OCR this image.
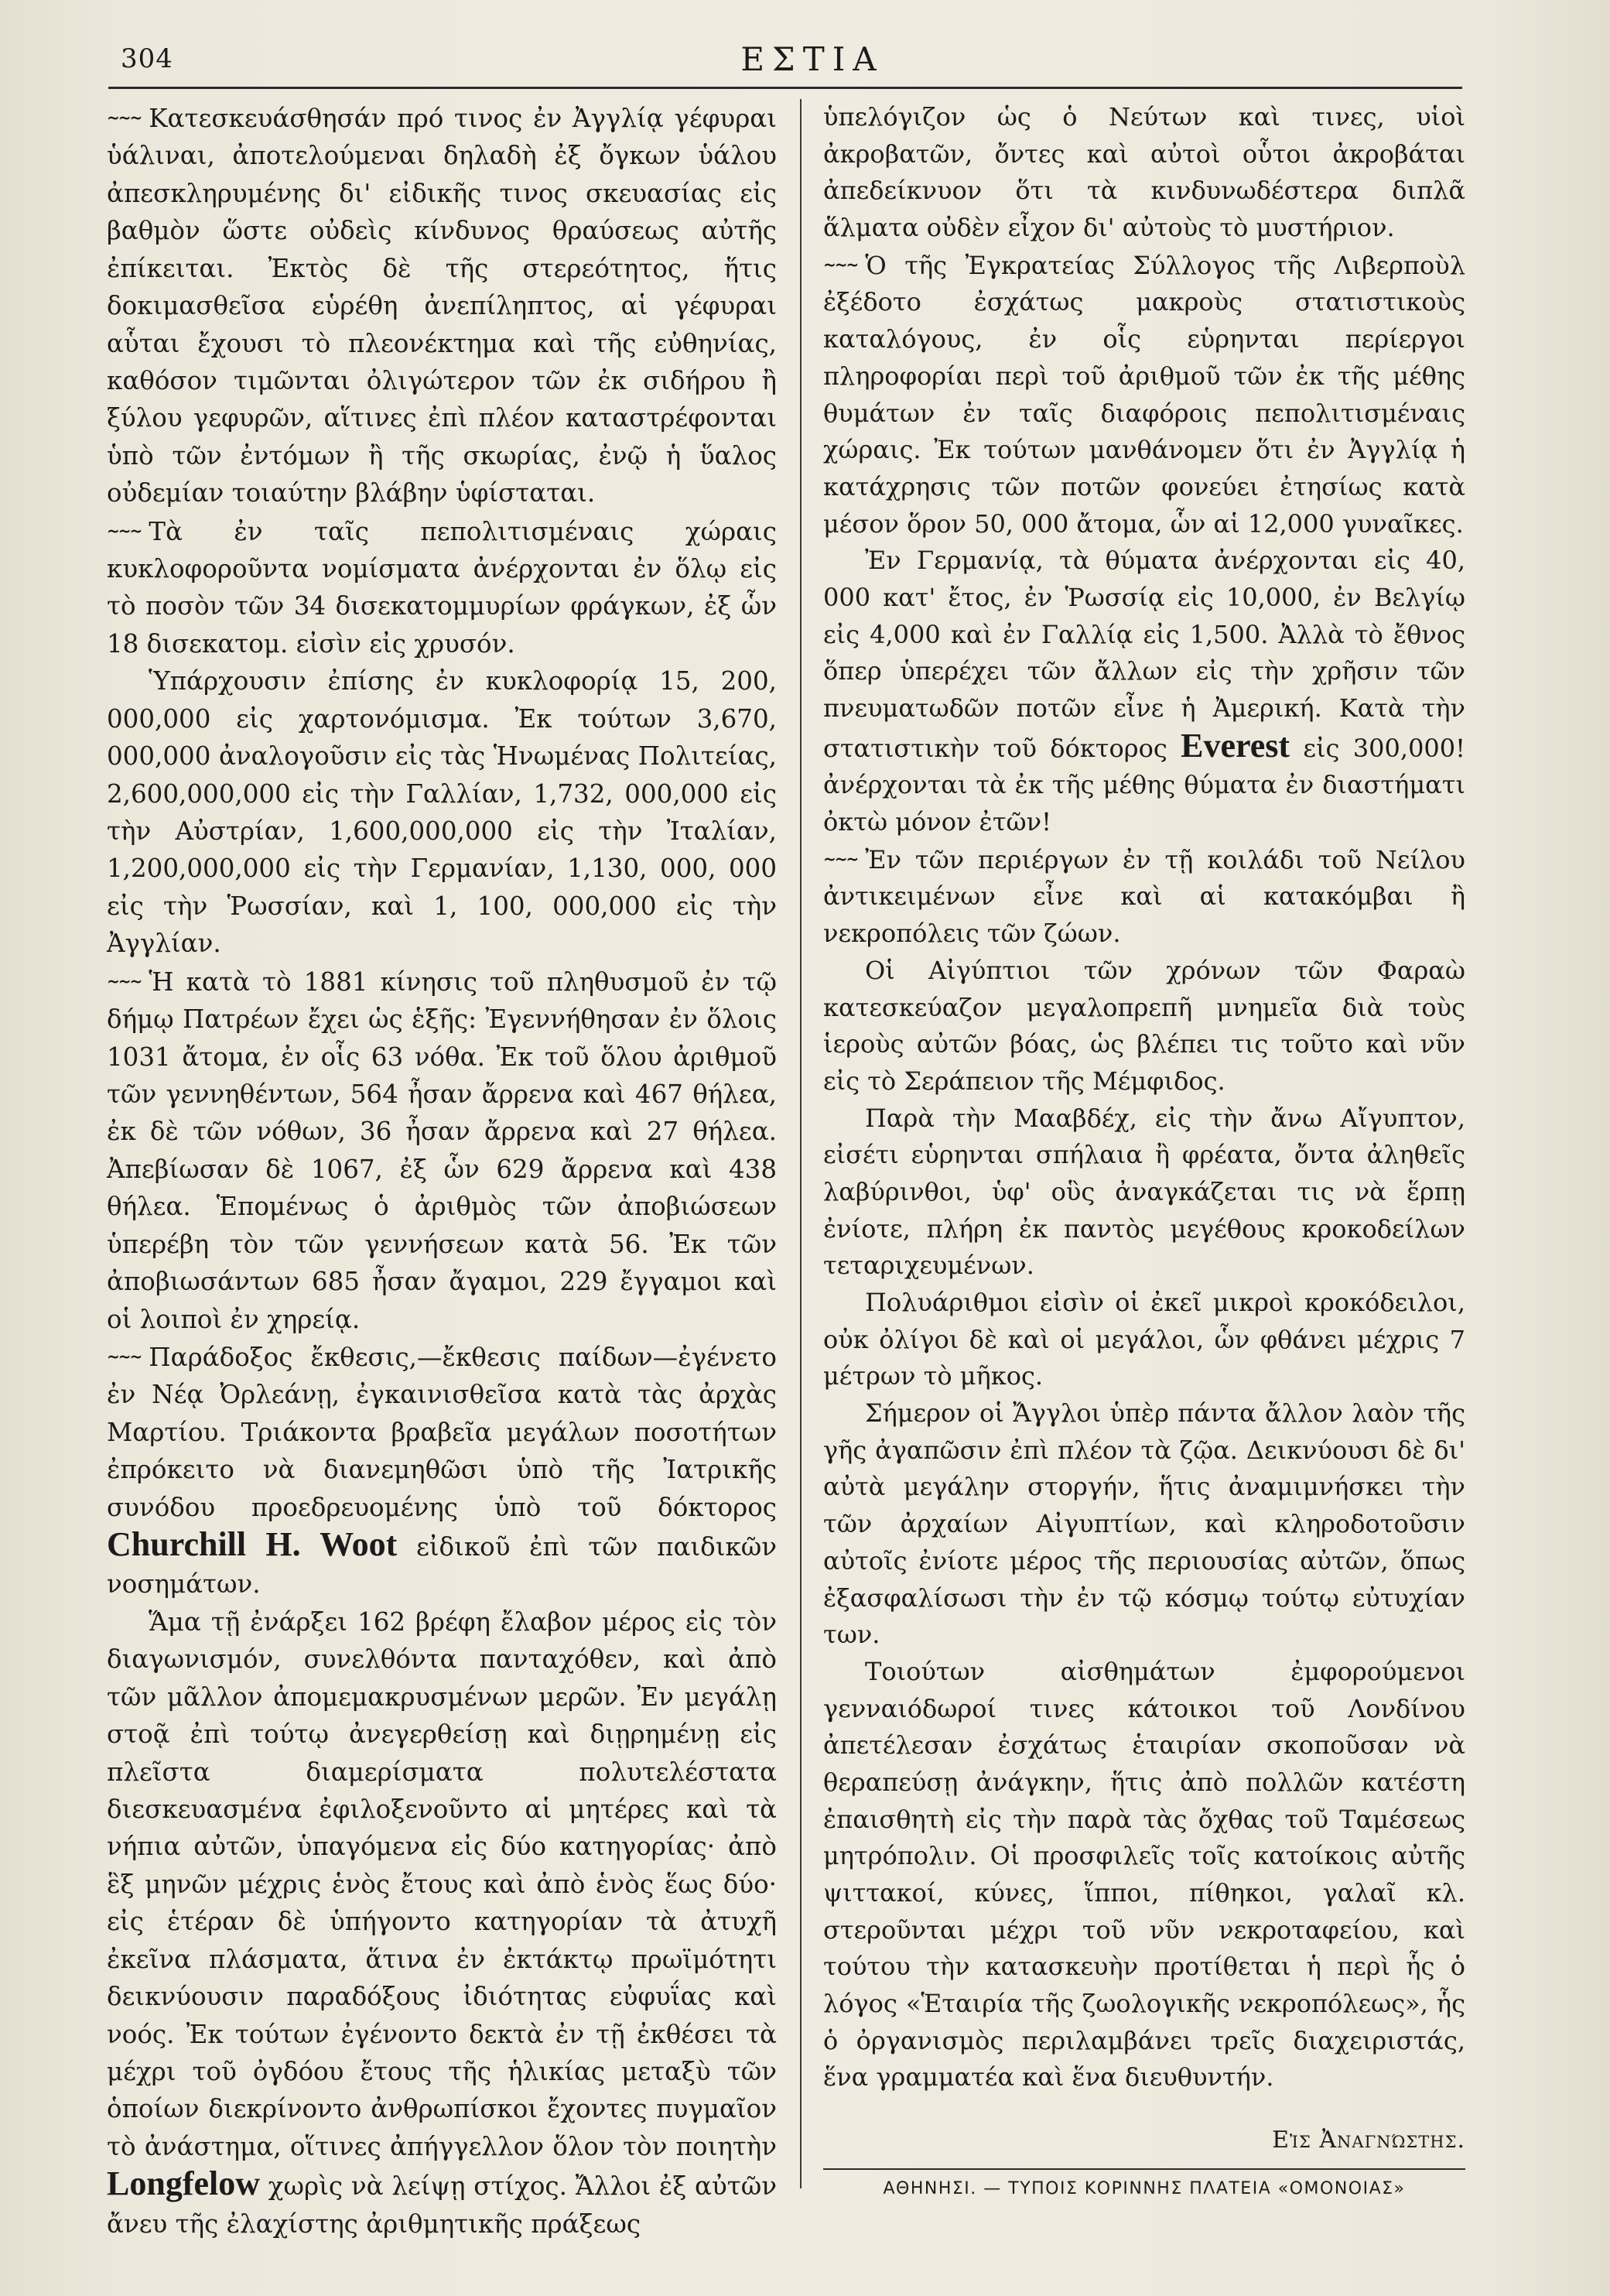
304	ΕΣΤΙΑ

~~~ Κατεσκευάσθησάν πρό τινος ἐν Ἀγγλίᾳ γέφυραι ὑάλιναι, ἀποτελούμεναι δηλαδὴ ἐξ ὄγκων ὑάλου ἀπεσκληρυμένης δι' εἰδικῆς τινος σκευασίας εἰς βαθμὸν ὥστε οὐδεὶς κίνδυνος θραύσεως αὐτῆς ἐπίκειται. Ἐκτὸς δὲ τῆς στερεότητος, ἥτις δοκιμασθεῖσα εὑρέθη ἀνεπίληπτος, αἱ γέφυραι αὗται ἔχουσι τὸ πλεονέκτημα καὶ τῆς εὐθηνίας, καθόσον τιμῶνται ὀλιγώτερον τῶν ἐκ σιδήρου ἢ ξύλου γεφυρῶν, αἵτινες ἐπὶ πλέον καταστρέφονται ὑπὸ τῶν ἐντόμων ἢ τῆς σκωρίας, ἐνῷ ἡ ὕαλος οὐδεμίαν τοιαύτην βλάβην ὑφίσταται.

~~~ Τὰ ἐν ταῖς πεπολιτισμέναις χώραις κυκλοφοροῦντα νομίσματα ἀνέρχονται ἐν ὅλῳ εἰς τὸ ποσὸν τῶν 34 δισεκατομμυρίων φράγκων, ἐξ ὧν 18 δισεκατομ. εἰσὶν εἰς χρυσόν.

Ὑπάρχουσιν ἐπίσης ἐν κυκλοφορίᾳ 15, 200, 000,000 εἰς χαρτονόμισμα. Ἐκ τούτων 3,670, 000,000 ἀναλογοῦσιν εἰς τὰς Ἡνωμένας Πολιτείας, 2,600,000,000 εἰς τὴν Γαλλίαν, 1,732, 000,000 εἰς τὴν Αὐστρίαν, 1,600,000,000 εἰς τὴν Ἰταλίαν, 1,200,000,000 εἰς τὴν Γερμανίαν, 1,130, 000, 000 εἰς τὴν Ῥωσσίαν, καὶ 1, 100, 000,000 εἰς τὴν Ἀγγλίαν.

~~~ Ἡ κατὰ τὸ 1881 κίνησις τοῦ πληθυσμοῦ ἐν τῷ δήμῳ Πατρέων ἔχει ὡς ἑξῆς: Ἐγεννήθησαν ἐν ὅλοις 1031 ἄτομα, ἐν οἷς 63 νόθα. Ἐκ τοῦ ὅλου ἀριθμοῦ τῶν γεννηθέντων, 564 ἦσαν ἄρρενα καὶ 467 θήλεα, ἐκ δὲ τῶν νόθων, 36 ἦσαν ἄρρενα καὶ 27 θήλεα. Ἀπεβίωσαν δὲ 1067, ἐξ ὧν 629 ἄρρενα καὶ 438 θήλεα. Ἑπομένως ὁ ἀριθμὸς τῶν ἀποβιώσεων ὑπερέβη τὸν τῶν γεννήσεων κατὰ 56. Ἐκ τῶν ἀποβιωσάντων 685 ἦσαν ἄγαμοι, 229 ἔγγαμοι καὶ οἱ λοιποὶ ἐν χηρείᾳ.

~~~ Παράδοξος ἔκθεσις,—ἔκθεσις παίδων—ἐγένετο ἐν Νέᾳ Ὀρλεάνῃ, ἐγκαινισθεῖσα κατὰ τὰς ἀρχὰς Μαρτίου. Τριάκοντα βραβεῖα μεγάλων ποσοτήτων ἐπρόκειτο νὰ διανεμηθῶσι ὑπὸ τῆς Ἰατρικῆς συνόδου προεδρευομένης ὑπὸ τοῦ δόκτορος Churchill H. Woot εἰδικοῦ ἐπὶ τῶν παιδικῶν νοσημάτων.

Ἅμα τῇ ἐνάρξει 162 βρέφη ἔλαβον μέρος εἰς τὸν διαγωνισμόν, συνελθόντα πανταχόθεν, καὶ ἀπὸ τῶν μᾶλλον ἀπομεμακρυσμένων μερῶν. Ἐν μεγάλῃ στοᾷ ἐπὶ τούτῳ ἀνεγερθείσῃ καὶ διῃρημένῃ εἰς πλεῖστα διαμερίσματα πολυτελέστατα διεσκευασμένα ἐφιλοξενοῦντο αἱ μητέρες καὶ τὰ νήπια αὐτῶν, ὑπαγόμενα εἰς δύο κατηγορίας· ἀπὸ ἓξ μηνῶν μέχρις ἑνὸς ἔτους καὶ ἀπὸ ἑνὸς ἕως δύο· εἰς ἑτέραν δὲ ὑπήγοντο κατηγορίαν τὰ ἀτυχῆ ἐκεῖνα πλάσματα, ἅτινα ἐν ἐκτάκτῳ πρωϊμότητι δεικνύουσιν παραδόξους ἰδιότητας εὐφυΐας καὶ νοός. Ἐκ τούτων ἐγένοντο δεκτὰ ἐν τῇ ἐκθέσει τὰ μέχρι τοῦ ὀγδόου ἔτους τῆς ἡλικίας μεταξὺ τῶν ὁποίων διεκρίνοντο ἀνθρωπίσκοι ἔχοντες πυγμαῖον τὸ ἀνάστημα, οἵτινες ἀπήγγελλον ὅλον τὸν ποιητὴν Longfelow χωρὶς νὰ λείψῃ στίχος. Ἄλλοι ἐξ αὐτῶν ἄνευ τῆς ἐλαχίστης ἀριθμητικῆς πράξεως

ὑπελόγιζον ὡς ὁ Νεύτων καὶ τινες, υἱοὶ ἀκροβατῶν, ὄντες καὶ αὐτοὶ οὗτοι ἀκροβάται ἀπεδείκνυον ὅτι τὰ κινδυνωδέστερα διπλᾶ ἅλματα οὐδὲν εἶχον δι' αὐτοὺς τὸ μυστήριον.

~~~ Ὁ τῆς Ἐγκρατείας Σύλλογος τῆς Λιβερποὺλ ἐξέδοτο ἐσχάτως μακροὺς στατιστικοὺς καταλόγους, ἐν οἷς εὑρηνται περίεργοι πληροφορίαι περὶ τοῦ ἀριθμοῦ τῶν ἐκ τῆς μέθης θυμάτων ἐν ταῖς διαφόροις πεπολιτισμέναις χώραις. Ἐκ τούτων μανθάνομεν ὅτι ἐν Ἀγγλίᾳ ἡ κατάχρησις τῶν ποτῶν φονεύει ἐτησίως κατὰ μέσον ὅρον 50, 000 ἄτομα, ὧν αἱ 12,000 γυναῖκες.

Ἐν Γερμανίᾳ, τὰ θύματα ἀνέρχονται εἰς 40, 000 κατ' ἔτος, ἐν Ῥωσσίᾳ εἰς 10,000, ἐν Βελγίῳ εἰς 4,000 καὶ ἐν Γαλλίᾳ εἰς 1,500. Ἀλλὰ τὸ ἔθνος ὅπερ ὑπερέχει τῶν ἄλλων εἰς τὴν χρῆσιν τῶν πνευματωδῶν ποτῶν εἶνε ἡ Ἀμερική. Κατὰ τὴν στατιστικὴν τοῦ δόκτορος Everest εἰς 300,000! ἀνέρχονται τὰ ἐκ τῆς μέθης θύματα ἐν διαστήματι ὀκτὼ μόνον ἐτῶν!

~~~ Ἐν τῶν περιέργων ἐν τῇ κοιλάδι τοῦ Νείλου ἀντικειμένων εἶνε καὶ αἱ κατακόμβαι ἢ νεκροπόλεις τῶν ζώων.

Οἱ Αἰγύπτιοι τῶν χρόνων τῶν Φαραὼ κατεσκεύαζον μεγαλοπρεπῆ μνημεῖα διὰ τοὺς ἱεροὺς αὐτῶν βόας, ὡς βλέπει τις τοῦτο καὶ νῦν εἰς τὸ Σεράπειον τῆς Μέμφιδος.

Παρὰ τὴν Μααβδέχ, εἰς τὴν ἄνω Αἴγυπτον, εἰσέτι εὑρηνται σπήλαια ἢ φρέατα, ὄντα ἀληθεῖς λαβύρινθοι, ὑφ' οὓς ἀναγκάζεται τις νὰ ἕρπῃ ἐνίοτε, πλήρη ἐκ παντὸς μεγέθους κροκοδείλων τεταριχευμένων.

Πολυάριθμοι εἰσὶν οἱ ἐκεῖ μικροὶ κροκόδειλοι, οὐκ ὀλίγοι δὲ καὶ οἱ μεγάλοι, ὧν φθάνει μέχρις 7 μέτρων τὸ μῆκος.

Σήμερον οἱ Ἄγγλοι ὑπὲρ πάντα ἄλλον λαὸν τῆς γῆς ἀγαπῶσιν ἐπὶ πλέον τὰ ζῷα. Δεικνύουσι δὲ δι' αὐτὰ μεγάλην στοργήν, ἥτις ἀναμιμνήσκει τὴν τῶν ἀρχαίων Αἰγυπτίων, καὶ κληροδοτοῦσιν αὐτοῖς ἐνίοτε μέρος τῆς περιουσίας αὐτῶν, ὅπως ἐξασφαλίσωσι τὴν ἐν τῷ κόσμῳ τούτῳ εὐτυχίαν των.

Τοιούτων αἰσθημάτων ἐμφορούμενοι γενναιόδωροί τινες κάτοικοι τοῦ Λονδίνου ἀπετέλεσαν ἐσχάτως ἑταιρίαν σκοποῦσαν νὰ θεραπεύσῃ ἀνάγκην, ἥτις ἀπὸ πολλῶν κατέστη ἐπαισθητὴ εἰς τὴν παρὰ τὰς ὄχθας τοῦ Ταμέσεως μητρόπολιν. Οἱ προσφιλεῖς τοῖς κατοίκοις αὐτῆς ψιττακοί, κύνες, ἵπποι, πίθηκοι, γαλαῖ κλ. στεροῦνται μέχρι τοῦ νῦν νεκροταφείου, καὶ τούτου τὴν κατασκευὴν προτίθεται ἡ περὶ ἧς ὁ λόγος «Ἑταιρία τῆς ζωολογικῆς νεκροπόλεως», ἧς ὁ ὀργανισμὸς περιλαμβάνει τρεῖς διαχειριστάς, ἕνα γραμματέα καὶ ἕνα διευθυντήν.

Εἰς Ἀναγνώστης.
ΑΘΗΝΗΣΙ. — ΤΥΠΟΙΣ ΚΟΡΙΝΝΗΣ ΠΛΑΤΕΙΑ «ΟΜΟΝΟΙΑΣ»
